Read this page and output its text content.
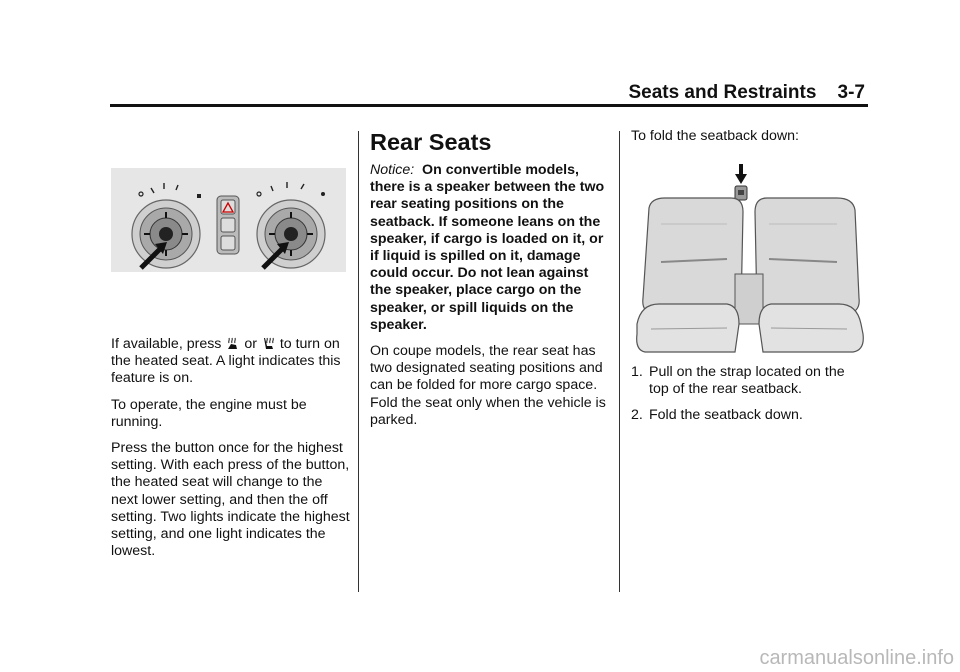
Seats and Restraints    3-7

If available, press  or  to turn on the heated seat. A light indicates this feature is on.

To operate, the engine must be running.

Press the button once for the highest setting. With each press of the button, the heated seat will change to the next lower setting, and then the off setting. Two lights indicate the highest setting, and one light indicates the lowest.

Rear Seats

Notice: On convertible models, there is a speaker between the two rear seating positions on the seatback. If someone leans on the speaker, if cargo is loaded on it, or if liquid is spilled on it, damage could occur. Do not lean against the speaker, place cargo on the speaker, or spill liquids on the speaker.

On coupe models, the rear seat has two designated seating positions and can be folded for more cargo space. Fold the seat only when the vehicle is parked.

To fold the seatback down:

1. Pull on the strap located on the top of the rear seatback.
2. Fold the seatback down.
carmanualsonline.info
